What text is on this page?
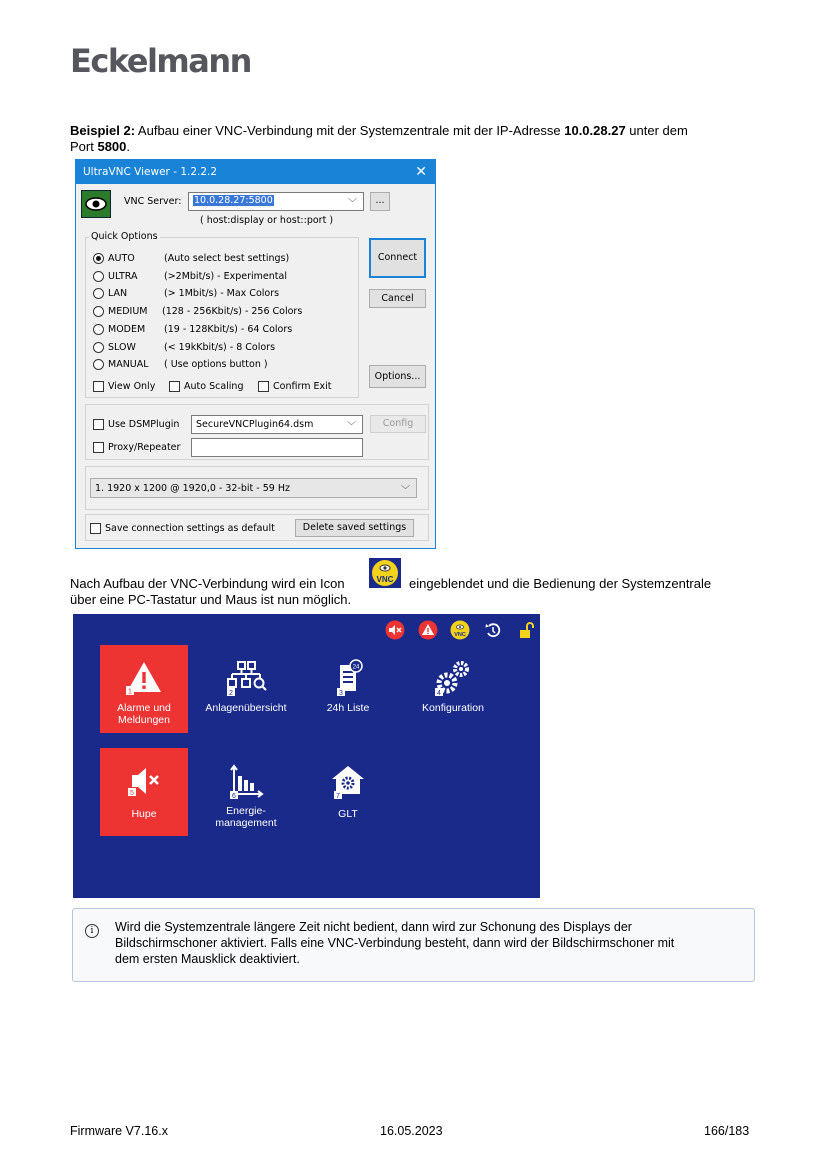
Eckelmann
Beispiel 2: Aufbau einer VNC-Verbindung mit der Systemzentrale mit der IP-Adresse 10.0.28.27 unter dem
Port 5800.
UltraVNC Viewer - 1.2.2.2	✕
VNC Server: 10.0.28.27:5800	﹀	...
( host:display or host::port )
Quick Options
AUTO	(Auto select best settings)
ULTRA	(>2Mbit/s) - Experimental
LAN	(> 1Mbit/s) - Max Colors
MEDIUM (128 - 256Kbit/s) - 256 Colors
MODEM (19 - 128Kbit/s) - 64 Colors
SLOW	(< 19kKbit/s) - 8 Colors
MANUAL ( Use options button )
View Only	Auto Scaling	Confirm Exit
Connect
Cancel
Options...
Use DSMPlugin SecureVNCPlugin64.dsm	﹀	Config
Proxy/Repeater
1. 1920 x 1200 @ 1920,0 - 32-bit - 59 Hz	﹀
Save connection settings as default	Delete saved settings
Nach Aufbau der VNC-Verbindung wird ein Icon
über eine PC-Tastatur und Maus ist nun möglich.
VNC eingeblendet und die Bedienung der Systemzentrale
VNC
1
Alarme und
Meldungen
2
Anlagenübersicht
24
3
24h Liste
4
Konfiguration
5
Hupe
6
Energie-
management
7
GLT
i	Wird die Systemzentrale längere Zeit nicht bedient, dann wird zur Schonung des Displays der
Bildschirmschoner aktiviert. Falls eine VNC-Verbindung besteht, dann wird der Bildschirmschoner mit
dem ersten Mausklick deaktiviert.
Firmware V7.16.x	16.05.2023	166/183
